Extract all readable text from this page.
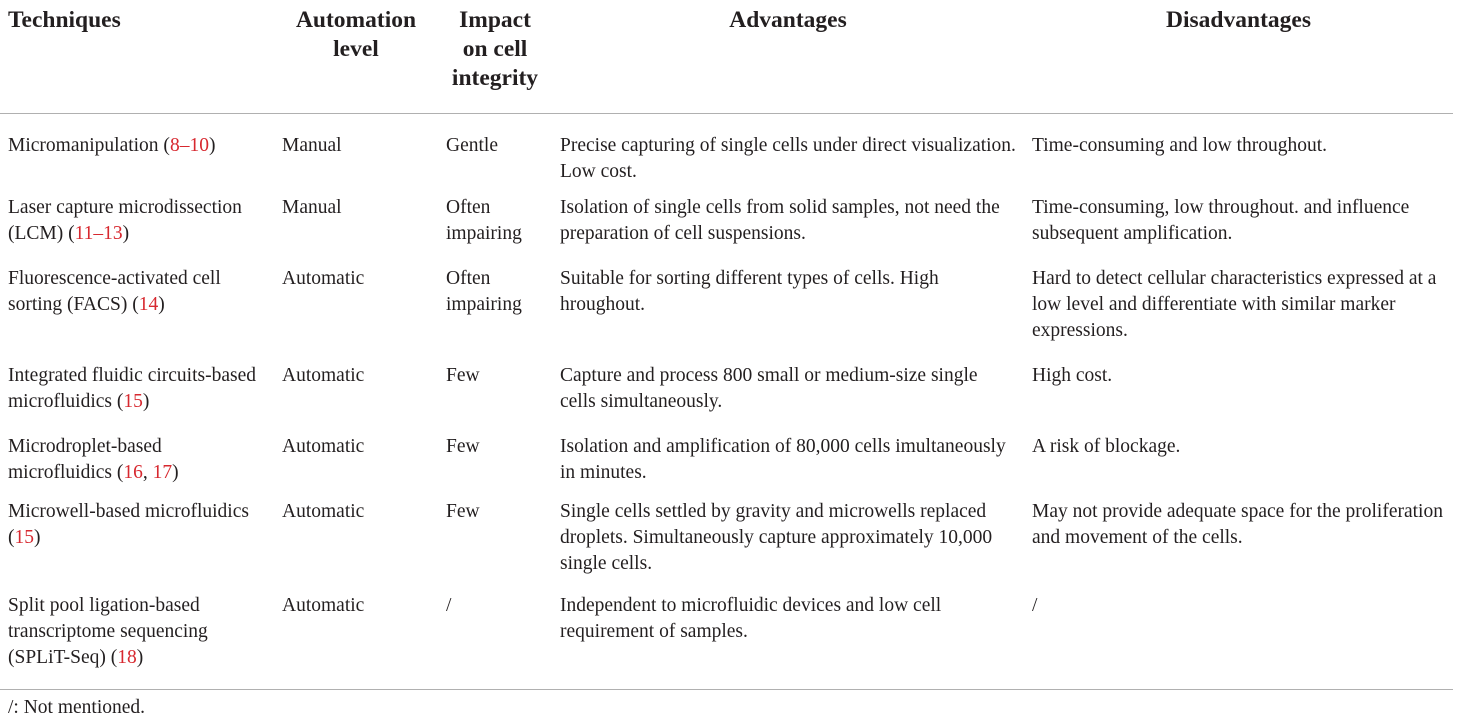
Techniques	Automation level	Impact on cell integrity	Advantages	Disadvantages
Micromanipulation (8–10)	Manual	Gentle	Precise capturing of single cells under direct visualization. Low cost.	Time-consuming and low throughout.
Laser capture microdissection (LCM) (11–13)	Manual	Often impairing	Isolation of single cells from solid samples, not need the preparation of cell suspensions.	Time-consuming, low throughout. and influence subsequent amplification.
Fluorescence-activated cell sorting (FACS) (14)	Automatic	Often impairing	Suitable for sorting different types of cells. High hroughout.	Hard to detect cellular characteristics expressed at a low level and differentiate with similar marker expressions.
Integrated fluidic circuits-based microfluidics (15)	Automatic	Few	Capture and process 800 small or medium-size single cells simultaneously.	High cost.
Microdroplet-based microfluidics (16, 17)	Automatic	Few	Isolation and amplification of 80,000 cells imultaneously in minutes.	A risk of blockage.
Microwell-based microfluidics (15)	Automatic	Few	Single cells settled by gravity and microwells replaced droplets. Simultaneously capture approximately 10,000 single cells.	May not provide adequate space for the proliferation and movement of the cells.
Split pool ligation-based transcriptome sequencing (SPLiT-Seq) (18)	Automatic	/	Independent to microfluidic devices and low cell requirement of samples.	/
/: Not mentioned.
